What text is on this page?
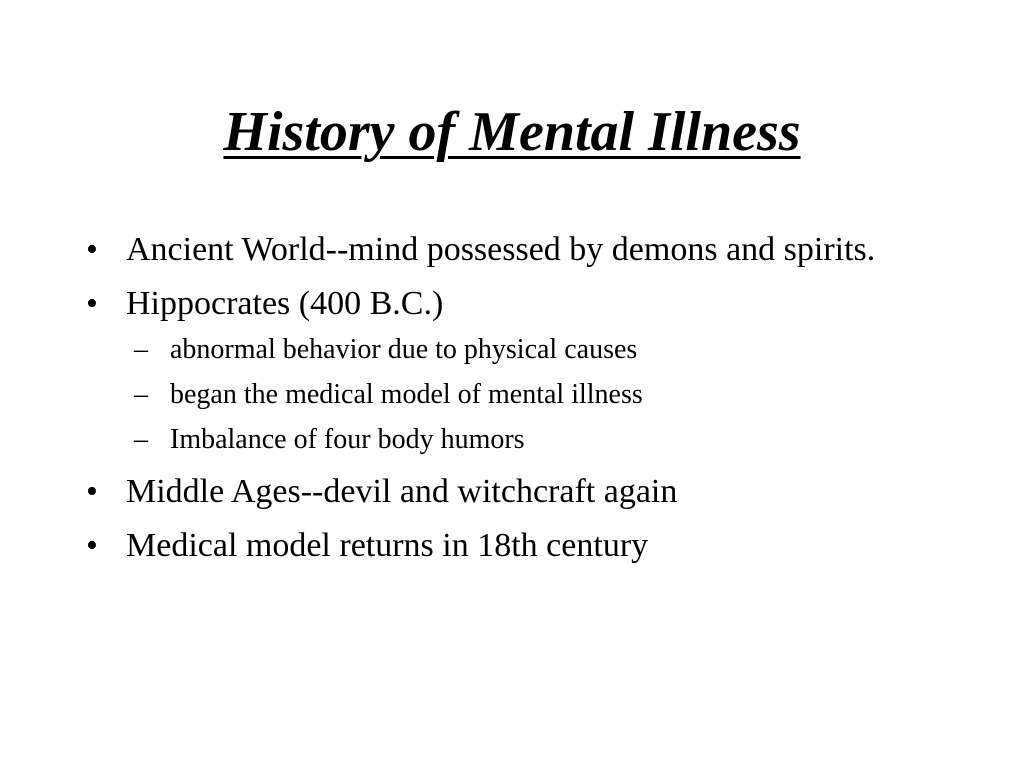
History of Mental Illness
• Ancient World--mind possessed by demons and spirits.
• Hippocrates (400 B.C.)
– abnormal behavior due to physical causes
– began the medical model of mental illness
– Imbalance of four body humors
• Middle Ages--devil and witchcraft again
• Medical model returns in 18th century
